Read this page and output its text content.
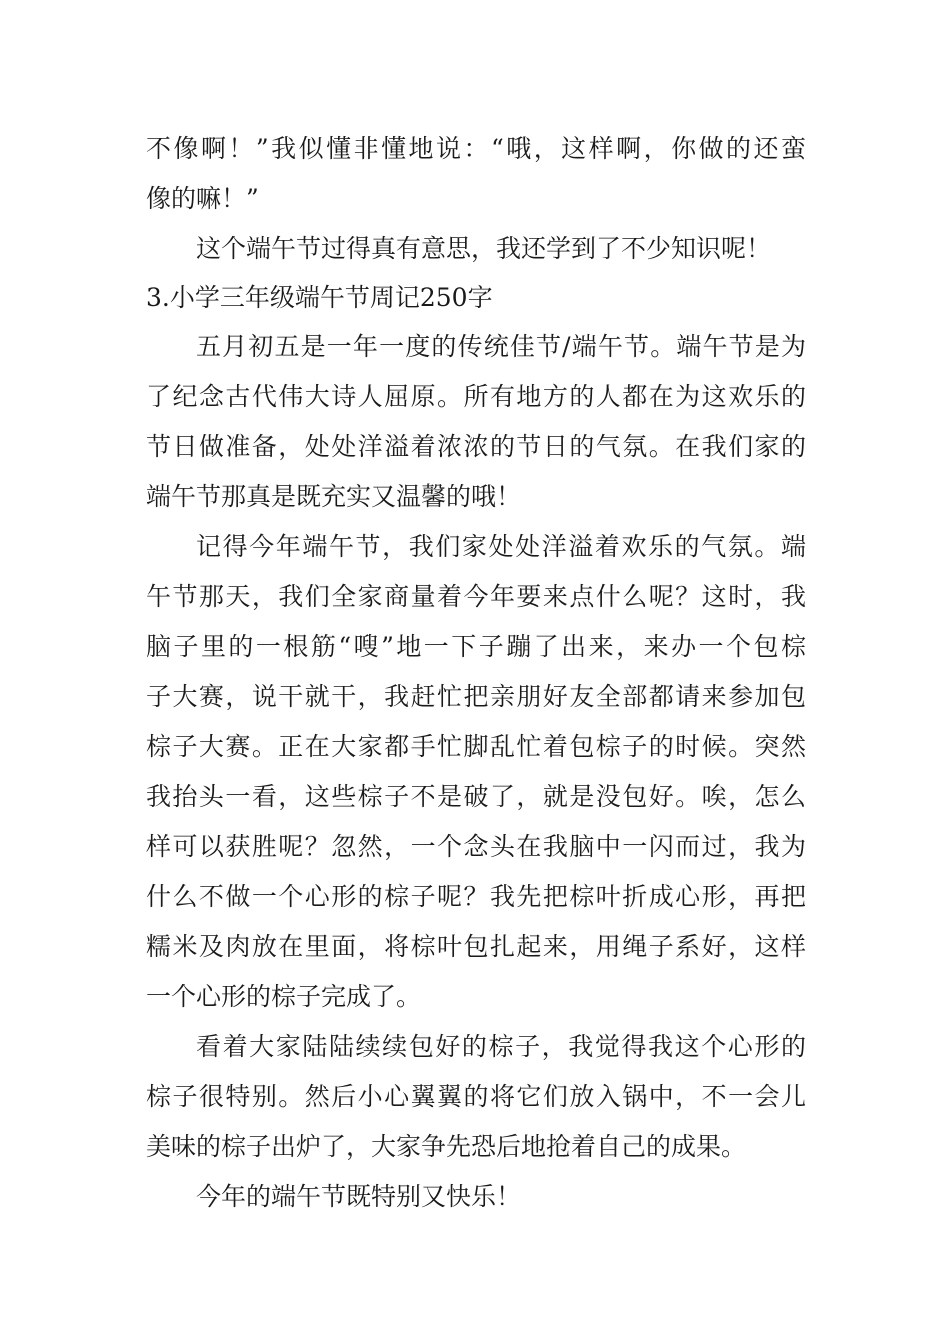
不像啊！”我似懂非懂地说：“哦，这样啊，你做的还蛮
像的嘛！”
这个端午节过得真有意思，我还学到了不少知识呢！
3.小学三年级端午节周记250字
五月初五是一年一度的传统佳节/端午节。端午节是为
了纪念古代伟大诗人屈原。所有地方的人都在为这欢乐的
节日做准备，处处洋溢着浓浓的节日的气氛。在我们家的
端午节那真是既充实又温馨的哦！
记得今年端午节，我们家处处洋溢着欢乐的气氛。端
午节那天，我们全家商量着今年要来点什么呢？这时，我
脑子里的一根筋“嗖”地一下子蹦了出来，来办一个包棕
子大赛，说干就干，我赶忙把亲朋好友全部都请来参加包
棕子大赛。正在大家都手忙脚乱忙着包棕子的时候。突然
我抬头一看，这些棕子不是破了，就是没包好。唉，怎么
样可以获胜呢？忽然，一个念头在我脑中一闪而过，我为
什么不做一个心形的棕子呢？我先把棕叶折成心形，再把
糯米及肉放在里面，将棕叶包扎起来，用绳子系好，这样
一个心形的棕子完成了。
看着大家陆陆续续包好的棕子，我觉得我这个心形的
棕子很特别。然后小心翼翼的将它们放入锅中，不一会儿
美味的棕子出炉了，大家争先恐后地抢着自己的成果。
今年的端午节既特别又快乐！
